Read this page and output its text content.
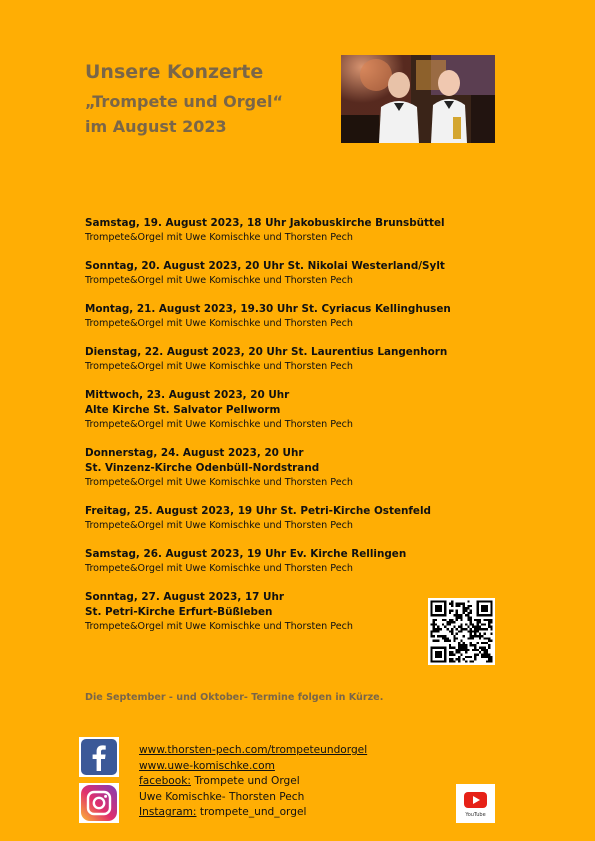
Unsere Konzerte
„Trompete und Orgel“
im August 2023
Samstag, 19. August 2023, 18 Uhr Jakobuskirche Brunsbüttel
Trompete&Orgel mit Uwe Komischke und Thorsten Pech
Sonntag, 20. August 2023, 20 Uhr St. Nikolai Westerland/Sylt
Trompete&Orgel mit Uwe Komischke und Thorsten Pech
Montag, 21. August 2023, 19.30 Uhr St. Cyriacus Kellinghusen
Trompete&Orgel mit Uwe Komischke und Thorsten Pech
Dienstag, 22. August 2023, 20 Uhr St. Laurentius Langenhorn
Trompete&Orgel mit Uwe Komischke und Thorsten Pech
Mittwoch, 23. August 2023, 20 Uhr
Alte Kirche St. Salvator Pellworm
Trompete&Orgel mit Uwe Komischke und Thorsten Pech
Donnerstag, 24. August 2023, 20 Uhr
St. Vinzenz-Kirche Odenbüll-Nordstrand
Trompete&Orgel mit Uwe Komischke und Thorsten Pech
Freitag, 25. August 2023, 19 Uhr St. Petri-Kirche Ostenfeld
Trompete&Orgel mit Uwe Komischke und Thorsten Pech
Samstag, 26. August 2023, 19 Uhr Ev. Kirche Rellingen
Trompete&Orgel mit Uwe Komischke und Thorsten Pech
Sonntag, 27. August 2023, 17 Uhr
St. Petri-Kirche Erfurt-Büßleben
Trompete&Orgel mit Uwe Komischke und Thorsten Pech
Die September - und Oktober- Termine folgen in Kürze.
www.thorsten-pech.com/trompeteundorgel
www.uwe-komischke.com
facebook: Trompete und Orgel
Uwe Komischke- Thorsten Pech
Instagram: trompete_und_orgel	YouTube
